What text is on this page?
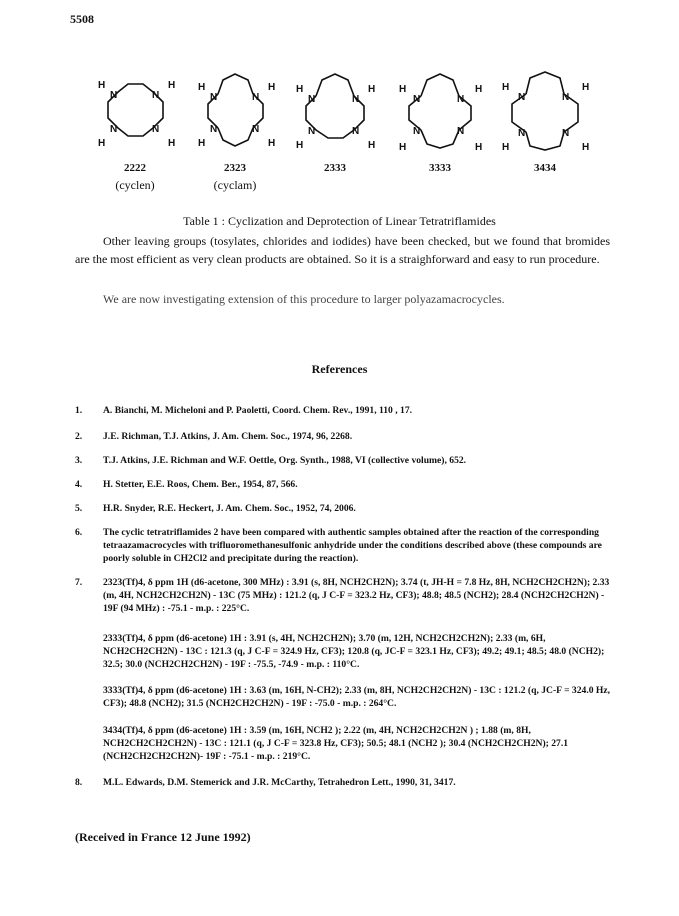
5508
N	N
N	N
H	H
H	H
N	N
N	N
H	H
H	H
N	N
N	N
H	H
H	H
N	N
N	N
H	H
H	H
N	N
N	N
H	H
H	H
2222
(cyclen)
2323
(cyclam)
2333	3333	3434
Table 1 : Cyclization and Deprotection of Linear Tetratriflamides

Other leaving groups (tosylates, chlorides and iodides) have been checked, but we found that bromides are the most efficient as very clean products are obtained. So it is a straighforward and easy to run procedure.

We are now investigating extension of this procedure to larger polyazamacrocycles.

References
1. A. Bianchi, M. Micheloni and P. Paoletti, Coord. Chem. Rev., 1991, 110 , 17.
2. J.E. Richman, T.J. Atkins, J. Am. Chem. Soc., 1974, 96, 2268.
3. T.J. Atkins, J.E. Richman and W.F. Oettle, Org. Synth., 1988, VI (collective volume), 652.
4. H. Stetter, E.E. Roos, Chem. Ber., 1954, 87, 566.
5. H.R. Snyder, R.E. Heckert, J. Am. Chem. Soc., 1952, 74, 2006.
6. The cyclic tetratriflamides 2 have been compared with authentic samples obtained after the reaction of the corresponding tetraazamacrocycles with trifluoromethanesulfonic anhydride under the conditions described above (these compounds are poorly soluble in CH2Cl2 and precipitate during the reaction).
7. 2323(Tf)4, δ ppm 1H (d6-acetone, 300 MHz) : 3.91 (s, 8H, NCH2CH2N); 3.74 (t, JH-H = 7.8 Hz, 8H, NCH2CH2CH2N); 2.33 (m, 4H, NCH2CH2CH2N) - 13C (75 MHz) : 121.2 (q, J C-F = 323.2 Hz, CF3); 48.8; 48.5 (NCH2); 28.4 (NCH2CH2CH2N) - 19F (94 MHz) : -75.1 - m.p. : 225°C.
2333(Tf)4, δ ppm (d6-acetone) 1H : 3.91 (s, 4H, NCH2CH2N); 3.70 (m, 12H, NCH2CH2CH2N); 2.33 (m, 6H, NCH2CH2CH2N) - 13C : 121.3 (q, J C-F = 324.9 Hz, CF3); 120.8 (q, JC-F = 323.1 Hz, CF3); 49.2; 49.1; 48.5; 48.0 (NCH2); 32.5; 30.0 (NCH2CH2CH2N) - 19F : -75.5, -74.9 - m.p. : 110°C.
3333(Tf)4, δ ppm (d6-acetone) 1H : 3.63 (m, 16H, N-CH2); 2.33 (m, 8H, NCH2CH2CH2N) - 13C : 121.2 (q, JC-F = 324.0 Hz, CF3); 48.8 (NCH2); 31.5 (NCH2CH2CH2N) - 19F : -75.0 - m.p. : 264°C.
3434(Tf)4, δ ppm (d6-acetone) 1H : 3.59 (m, 16H, NCH2 ); 2.22 (m, 4H, NCH2CH2CH2N ) ; 1.88 (m, 8H, NCH2CH2CH2CH2N) - 13C : 121.1 (q, J C-F = 323.8 Hz, CF3); 50.5; 48.1 (NCH2 ); 30.4 (NCH2CH2CH2N); 27.1 (NCH2CH2CH2CH2N)- 19F : -75.1 - m.p. : 219°C.
8. M.L. Edwards, D.M. Stemerick and J.R. McCarthy, Tetrahedron Lett., 1990, 31, 3417.
(Received in France 12 June 1992)
